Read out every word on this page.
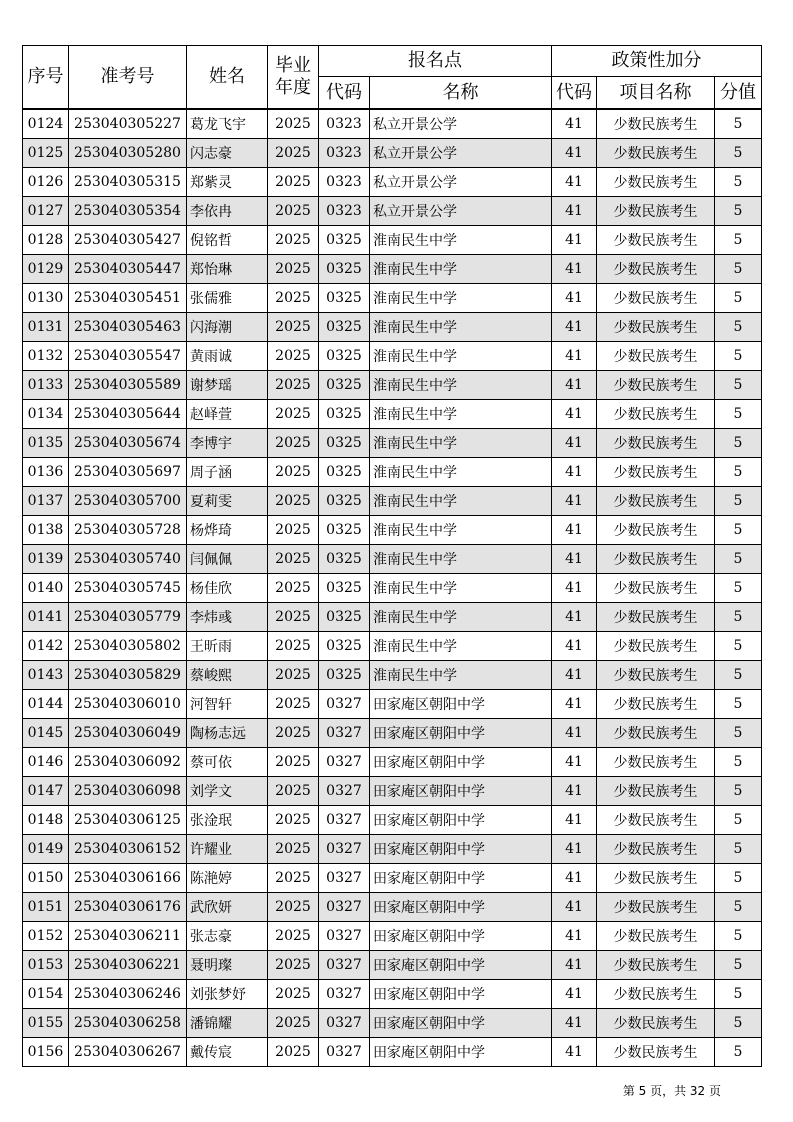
序号	准考号	姓名	毕业年度	报名点		政策性加分		
				代码	名称	代码	项目名称	分值
0124	253040305227	葛龙飞宇	2025	0323	私立开景公学	41	少数民族考生	5
0125	253040305280	闪志豪	2025	0323	私立开景公学	41	少数民族考生	5
0126	253040305315	郑紫灵	2025	0323	私立开景公学	41	少数民族考生	5
0127	253040305354	李依冉	2025	0323	私立开景公学	41	少数民族考生	5
0128	253040305427	倪铭哲	2025	0325	淮南民生中学	41	少数民族考生	5
0129	253040305447	郑怡琳	2025	0325	淮南民生中学	41	少数民族考生	5
0130	253040305451	张儒雅	2025	0325	淮南民生中学	41	少数民族考生	5
0131	253040305463	闪海潮	2025	0325	淮南民生中学	41	少数民族考生	5
0132	253040305547	黄雨诚	2025	0325	淮南民生中学	41	少数民族考生	5
0133	253040305589	谢梦瑶	2025	0325	淮南民生中学	41	少数民族考生	5
0134	253040305644	赵峄萱	2025	0325	淮南民生中学	41	少数民族考生	5
0135	253040305674	李博宇	2025	0325	淮南民生中学	41	少数民族考生	5
0136	253040305697	周子涵	2025	0325	淮南民生中学	41	少数民族考生	5
0137	253040305700	夏莉雯	2025	0325	淮南民生中学	41	少数民族考生	5
0138	253040305728	杨烨琦	2025	0325	淮南民生中学	41	少数民族考生	5
0139	253040305740	闫佩佩	2025	0325	淮南民生中学	41	少数民族考生	5
0140	253040305745	杨佳欣	2025	0325	淮南民生中学	41	少数民族考生	5
0141	253040305779	李炜彧	2025	0325	淮南民生中学	41	少数民族考生	5
0142	253040305802	王昕雨	2025	0325	淮南民生中学	41	少数民族考生	5
0143	253040305829	蔡峻熙	2025	0325	淮南民生中学	41	少数民族考生	5
0144	253040306010	河智轩	2025	0327	田家庵区朝阳中学	41	少数民族考生	5
0145	253040306049	陶杨志远	2025	0327	田家庵区朝阳中学	41	少数民族考生	5
0146	253040306092	蔡可依	2025	0327	田家庵区朝阳中学	41	少数民族考生	5
0147	253040306098	刘学文	2025	0327	田家庵区朝阳中学	41	少数民族考生	5
0148	253040306125	张淦珉	2025	0327	田家庵区朝阳中学	41	少数民族考生	5
0149	253040306152	许耀业	2025	0327	田家庵区朝阳中学	41	少数民族考生	5
0150	253040306166	陈滟婷	2025	0327	田家庵区朝阳中学	41	少数民族考生	5
0151	253040306176	武欣妍	2025	0327	田家庵区朝阳中学	41	少数民族考生	5
0152	253040306211	张志豪	2025	0327	田家庵区朝阳中学	41	少数民族考生	5
0153	253040306221	聂明璨	2025	0327	田家庵区朝阳中学	41	少数民族考生	5
0154	253040306246	刘张梦妤	2025	0327	田家庵区朝阳中学	41	少数民族考生	5
0155	253040306258	潘锦耀	2025	0327	田家庵区朝阳中学	41	少数民族考生	5
0156	253040306267	戴传宸	2025	0327	田家庵区朝阳中学	41	少数民族考生	5
第 5 页，共 32 页
